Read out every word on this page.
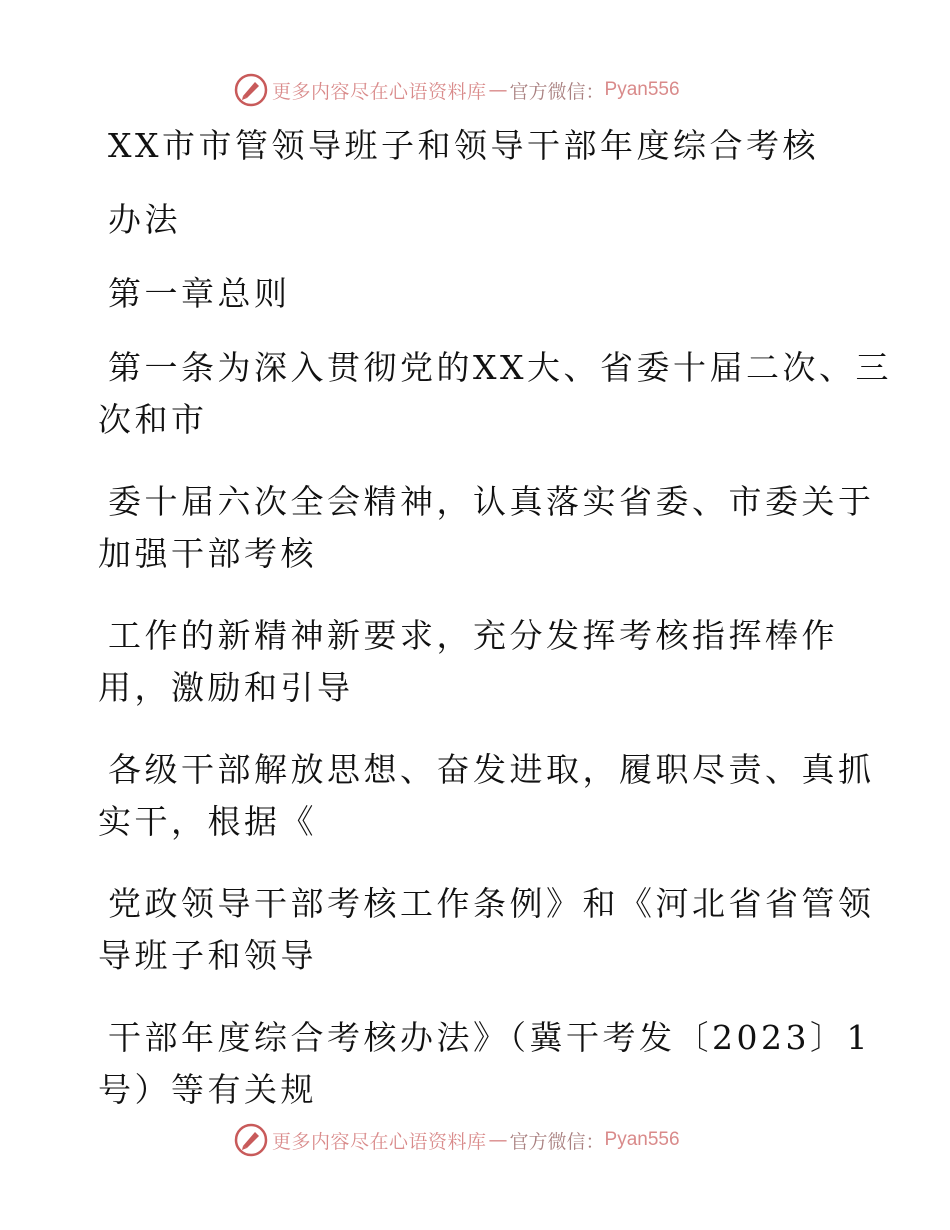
更多内容尽在心语资料库 — 官方微信： Pyan556
XX市市管领导班子和领导干部年度综合考核
办法
第一章总则
第一条为深入贯彻党的XX大、省委十届二次、三
次和市
委十届六次全会精神，认真落实省委、市委关于
加强干部考核
工作的新精神新要求，充分发挥考核指挥棒作
用，激励和引导
各级干部解放思想、奋发进取，履职尽责、真抓
实干，根据《
党政领导干部考核工作条例》和《河北省省管领
导班子和领导
干部年度综合考核办法》（冀干考发〔2023〕1
号）等有关规
更多内容尽在心语资料库 — 官方微信： Pyan556
